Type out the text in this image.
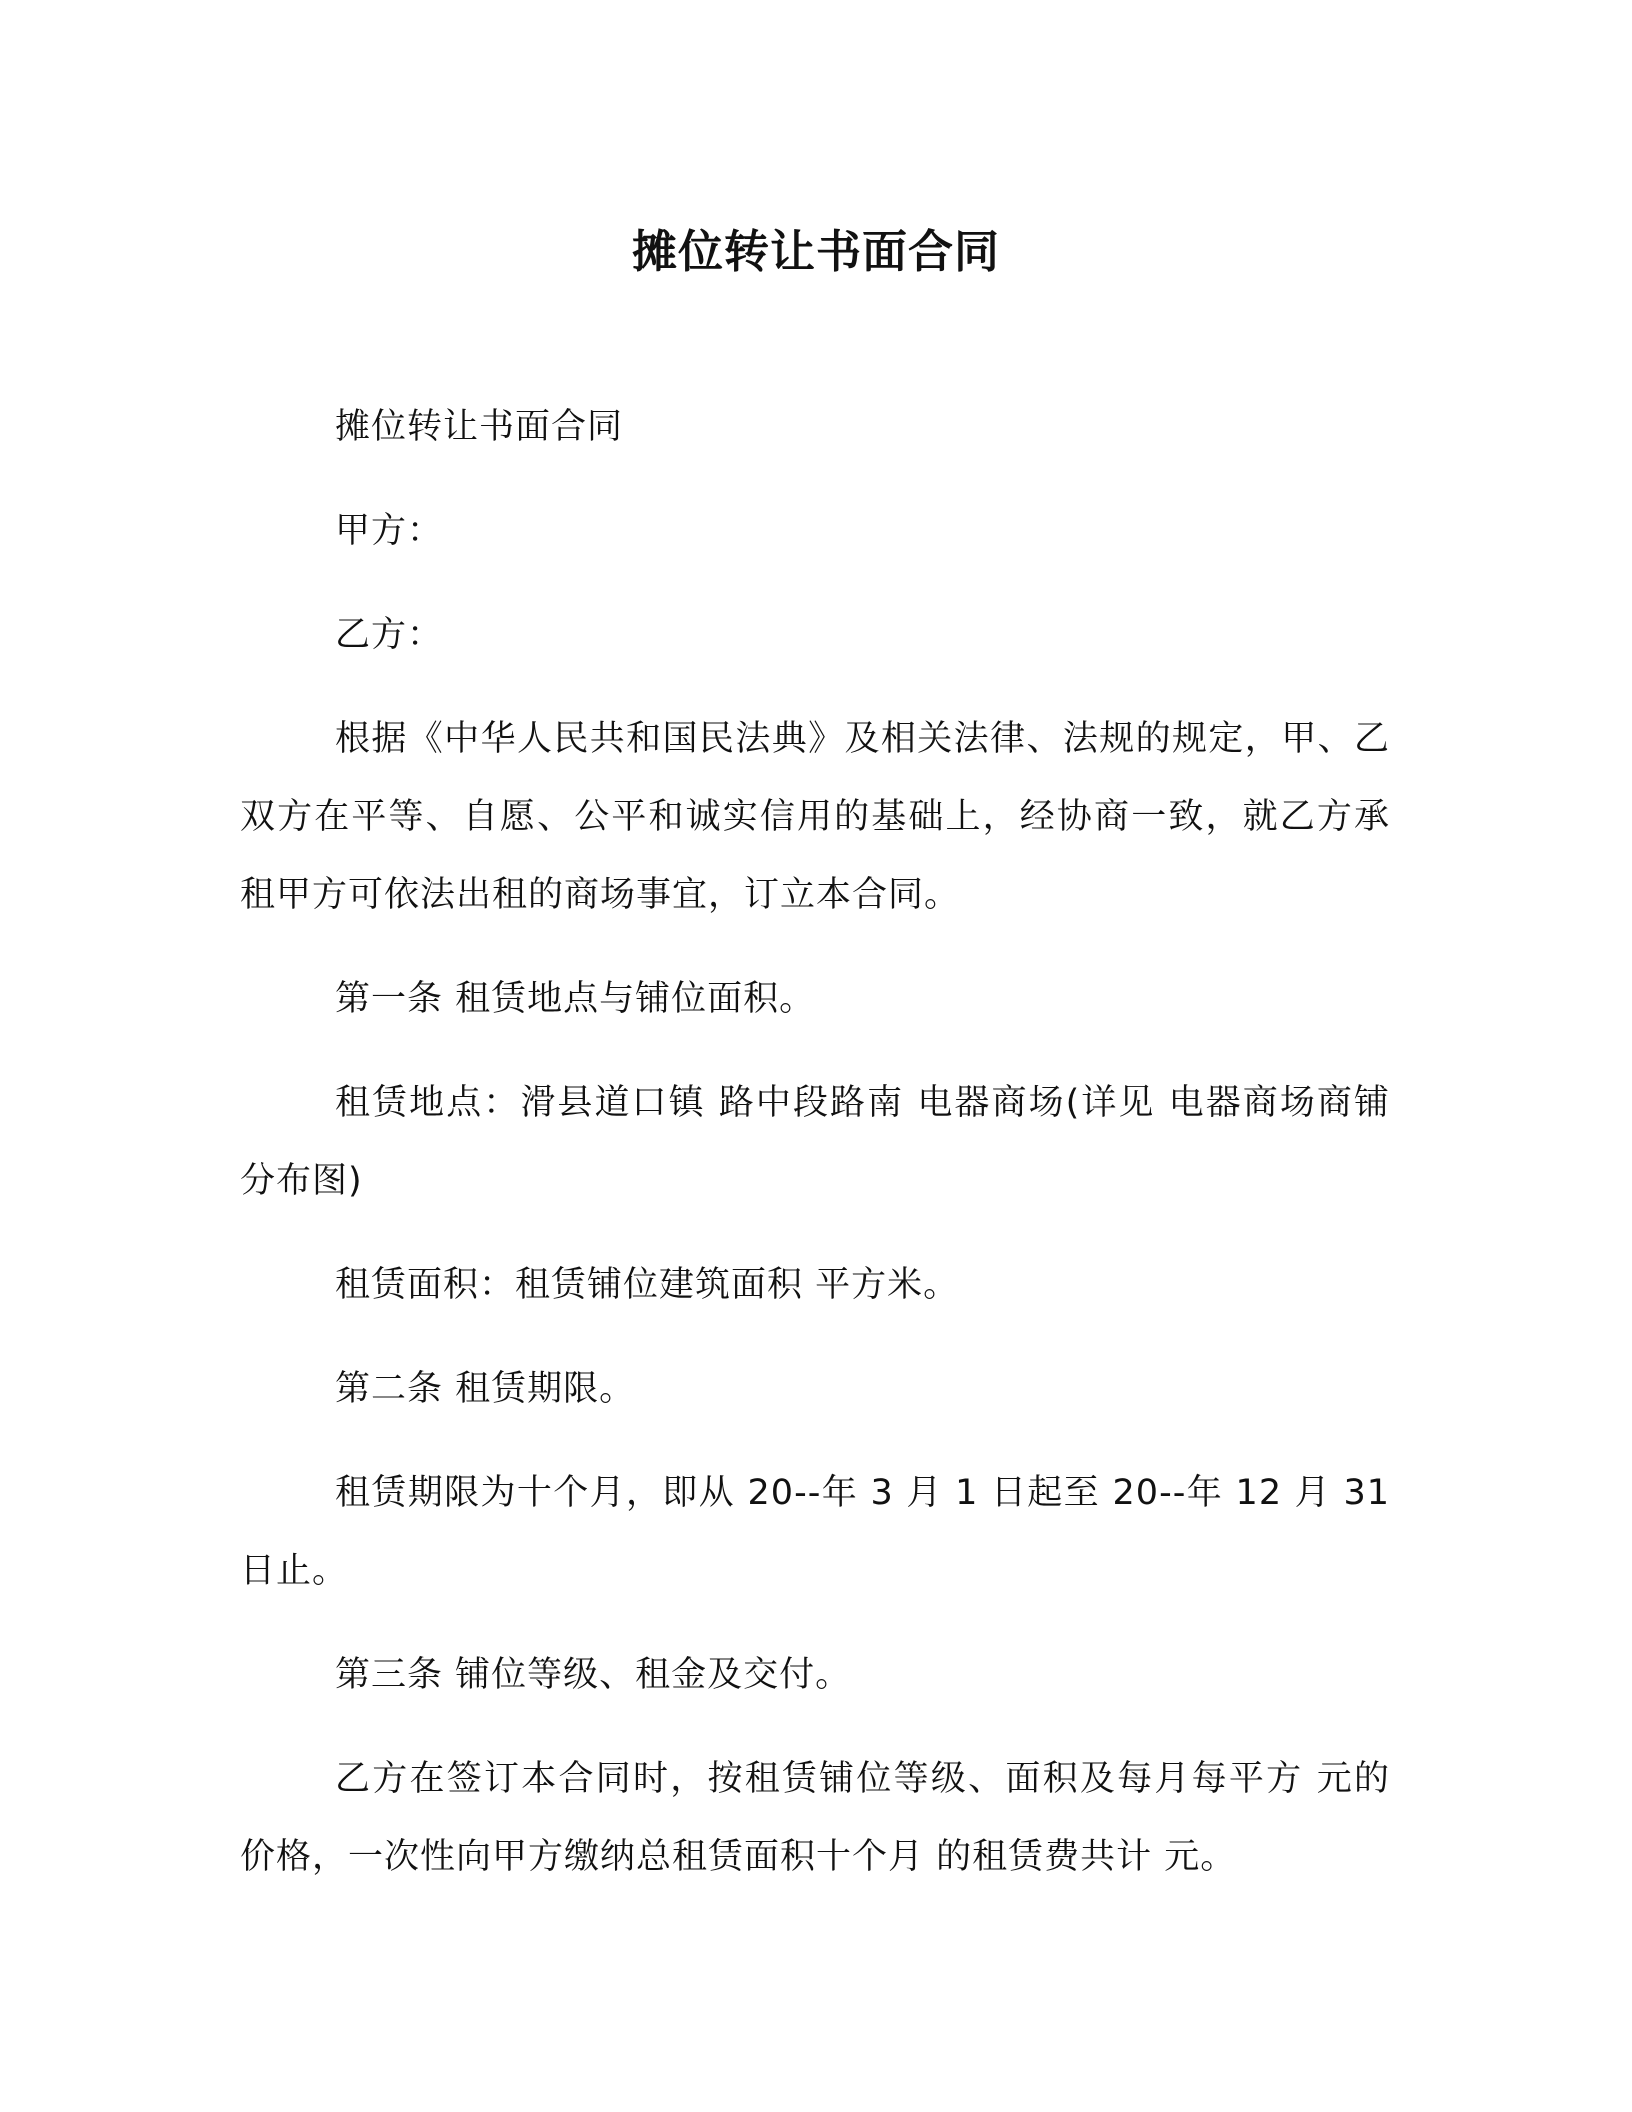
摊位转让书面合同

摊位转让书面合同

甲方：

乙方：

根据《中华人民共和国民法典》及相关法律、法规的规定，甲、乙双方在平等、自愿、公平和诚实信用的基础上，经协商一致，就乙方承租甲方可依法出租的商场事宜，订立本合同。

第一条 租赁地点与铺位面积。

租赁地点：滑县道口镇 路中段路南 电器商场(详见 电器商场商铺分布图)

租赁面积：租赁铺位建筑面积 平方米。

第二条 租赁期限。

租赁期限为十个月，即从 20--年 3 月 1 日起至 20--年 12 月 31 日止。

第三条 铺位等级、租金及交付。

乙方在签订本合同时，按租赁铺位等级、面积及每月每平方 元的价格，一次性向甲方缴纳总租赁面积十个月 的租赁费共计 元。
